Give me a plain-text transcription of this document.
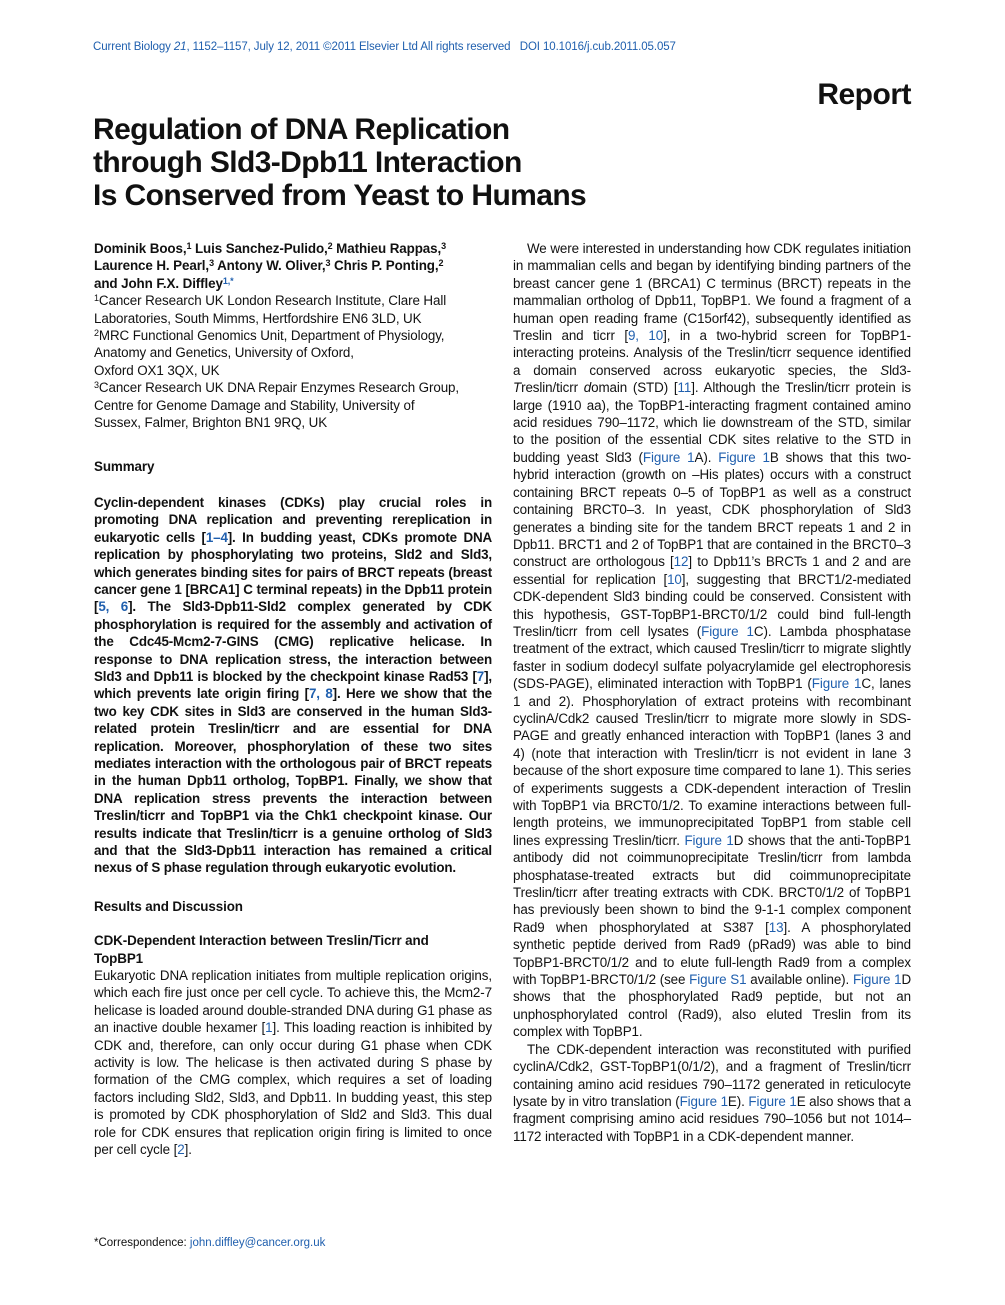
Current Biology 21, 1152–1157, July 12, 2011 ©2011 Elsevier Ltd All rights reserved DOI 10.1016/j.cub.2011.05.057
Report
Regulation of DNA Replication
through Sld3-Dpb11 Interaction
Is Conserved from Yeast to Humans
Dominik Boos,$^1$ Luis Sanchez-Pulido,$^2$ Mathieu Rappas,$^3$
Laurence H. Pearl,$^3$ Antony W. Oliver,$^3$ Chris P. Ponting,$^2$
and John F.X. Diffley$^{1,*}$
$^1$Cancer Research UK London Research Institute, Clare Hall
Laboratories, South Mimms, Hertfordshire EN6 3LD, UK
$^2$MRC Functional Genomics Unit, Department of Physiology,
Anatomy and Genetics, University of Oxford,
Oxford OX1 3QX, UK
$^3$Cancer Research UK DNA Repair Enzymes Research Group,
Centre for Genome Damage and Stability, University of
Sussex, Falmer, Brighton BN1 9RQ, UK
Summary

Cyclin-dependent kinases (CDKs) play crucial roles in promoting DNA replication and preventing rereplication in eukaryotic cells [1–4]. In budding yeast, CDKs promote DNA replication by phosphorylating two proteins, Sld2 and Sld3, which generates binding sites for pairs of BRCT repeats (breast cancer gene 1 [BRCA1] C terminal repeats) in the Dpb11 protein [5, 6]. The Sld3-Dpb11-Sld2 complex generated by CDK phosphorylation is required for the assembly and activation of the Cdc45-Mcm2-7-GINS (CMG) replicative helicase. In response to DNA replication stress, the interaction between Sld3 and Dpb11 is blocked by the checkpoint kinase Rad53 [7], which prevents late origin firing [7, 8]. Here we show that the two key CDK sites in Sld3 are conserved in the human Sld3-related protein Treslin/ticrr and are essential for DNA replication. Moreover, phosphorylation of these two sites mediates interaction with the orthologous pair of BRCT repeats in the human Dpb11 ortholog, TopBP1. Finally, we show that DNA replication stress prevents the interaction between Treslin/ticrr and TopBP1 via the Chk1 checkpoint kinase. Our results indicate that Treslin/ticrr is a genuine ortholog of Sld3 and that the Sld3-Dpb11 interaction has remained a critical nexus of S phase regulation through eukaryotic evolution.

Results and Discussion
CDK-Dependent Interaction between Treslin/Ticrr and TopBP1

Eukaryotic DNA replication initiates from multiple replication origins, which each fire just once per cell cycle. To achieve this, the Mcm2-7 helicase is loaded around double-stranded DNA during G1 phase as an inactive double hexamer [1]. This loading reaction is inhibited by CDK and, therefore, can only occur during G1 phase when CDK activity is low. The helicase is then activated during S phase by formation of the CMG complex, which requires a set of loading factors including Sld2, Sld3, and Dpb11. In budding yeast, this step is promoted by CDK phosphorylation of Sld2 and Sld3. This dual role for CDK ensures that replication origin firing is limited to once per cell cycle [2].

*Correspondence: john.diffley@cancer.org.uk

We were interested in understanding how CDK regulates initiation in mammalian cells and began by identifying binding partners of the breast cancer gene 1 (BRCA1) C terminus (BRCT) repeats in the mammalian ortholog of Dpb11, TopBP1. We found a fragment of a human open reading frame (C15orf42), subsequently identified as Treslin and ticrr [9, 10], in a two-hybrid screen for TopBP1-interacting proteins. Analysis of the Treslin/ticrr sequence identified a domain conserved across eukaryotic species, the Sld3-Treslin/ticrr domain (STD) [11]. Although the Treslin/ticrr protein is large (1910 aa), the TopBP1-interacting fragment contained amino acid residues 790–1172, which lie downstream of the STD, similar to the position of the essential CDK sites relative to the STD in budding yeast Sld3 (Figure 1A). Figure 1B shows that this two-hybrid interaction (growth on –His plates) occurs with a construct containing BRCT repeats 0–5 of TopBP1 as well as a construct containing BRCT0–3. In yeast, CDK phosphorylation of Sld3 generates a binding site for the tandem BRCT repeats 1 and 2 in Dpb11. BRCT1 and 2 of TopBP1 that are contained in the BRCT0–3 construct are orthologous [12] to Dpb11’s BRCTs 1 and 2 and are essential for replication [10], suggesting that BRCT1/2-mediated CDK-dependent Sld3 binding could be conserved. Consistent with this hypothesis, GST-TopBP1-BRCT0/1/2 could bind full-length Treslin/ticrr from cell lysates (Figure 1C). Lambda phosphatase treatment of the extract, which caused Treslin/ticrr to migrate slightly faster in sodium dodecyl sulfate polyacrylamide gel electrophoresis (SDS-PAGE), eliminated interaction with TopBP1 (Figure 1C, lanes 1 and 2). Phosphorylation of extract proteins with recombinant cyclinA/Cdk2 caused Treslin/ticrr to migrate more slowly in SDS-PAGE and greatly enhanced interaction with TopBP1 (lanes 3 and 4) (note that interaction with Treslin/ticrr is not evident in lane 3 because of the short exposure time compared to lane 1). This series of experiments suggests a CDK-dependent interaction of Treslin with TopBP1 via BRCT0/1/2. To examine interactions between full-length proteins, we immunoprecipitated TopBP1 from stable cell lines expressing Treslin/ticrr. Figure 1D shows that the anti-TopBP1 antibody did not coimmunoprecipitate Treslin/ticrr from lambda phosphatase-treated extracts but did coimmunoprecipitate Treslin/ticrr after treating extracts with CDK. BRCT0/1/2 of TopBP1 has previously been shown to bind the 9-1-1 complex component Rad9 when phosphorylated at S387 [13]. A phosphorylated synthetic peptide derived from Rad9 (pRad9) was able to bind TopBP1-BRCT0/1/2 and to elute full-length Rad9 from a complex with TopBP1-BRCT0/1/2 (see Figure S1 available online). Figure 1D shows that the phosphorylated Rad9 peptide, but not an unphosphorylated control (Rad9), also eluted Treslin from its complex with TopBP1.

The CDK-dependent interaction was reconstituted with purified cyclinA/Cdk2, GST-TopBP1(0/1/2), and a fragment of Treslin/ticrr containing amino acid residues 790–1172 generated in reticulocyte lysate by in vitro translation (Figure 1E). Figure 1E also shows that a fragment comprising amino acid residues 790–1056 but not 1014–1172 interacted with TopBP1 in a CDK-dependent manner.
